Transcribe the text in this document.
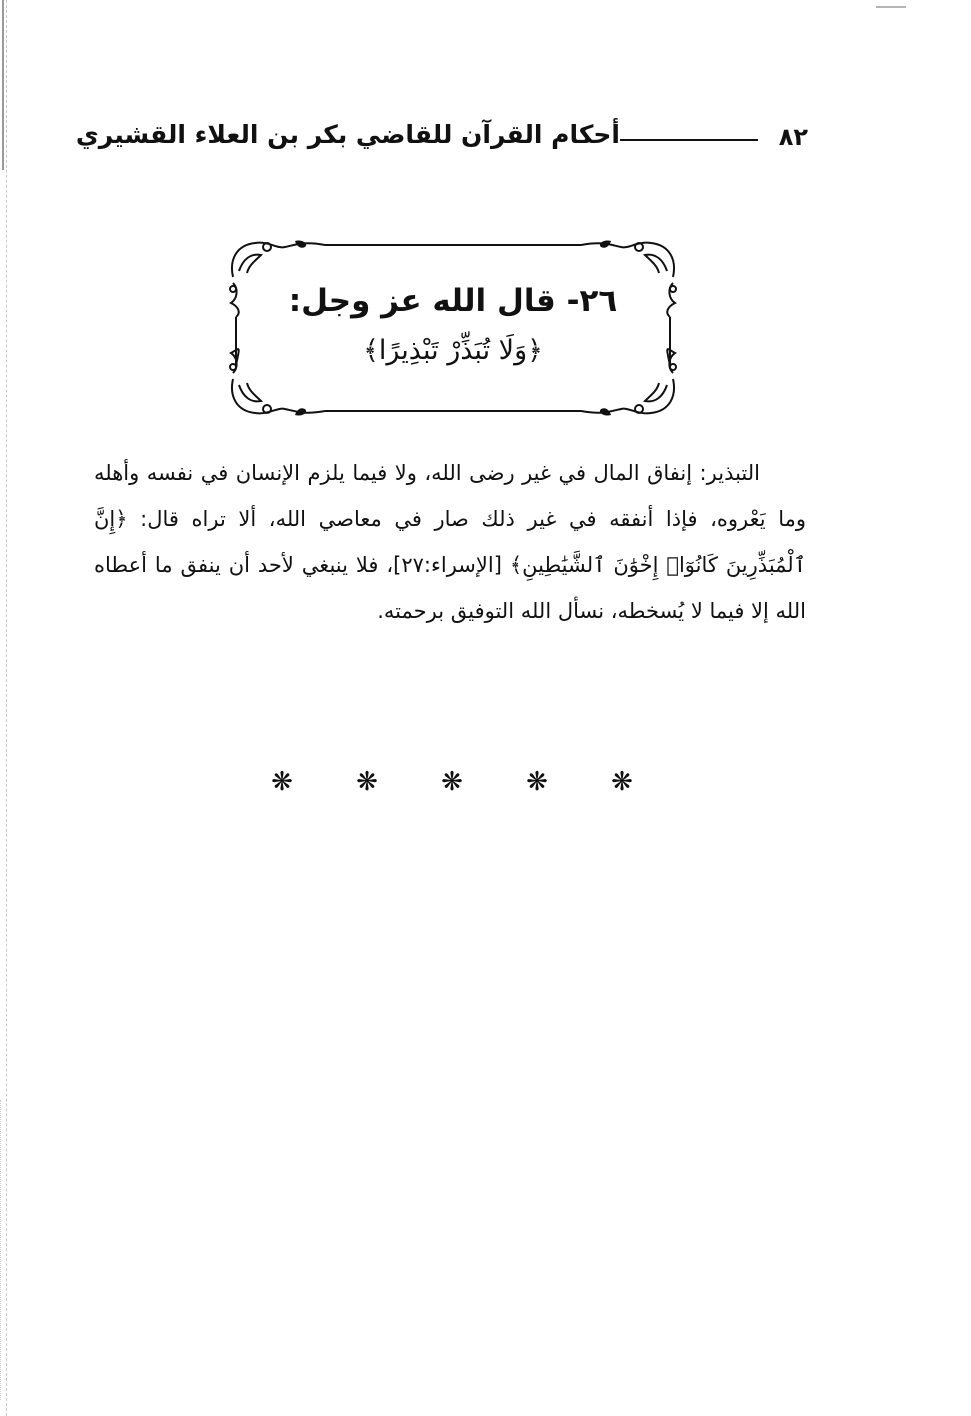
٨٢
أحكام القرآن للقاضي بكر بن العلاء القشيري
٢٦- قال الله عز وجل:
﴿وَلَا تُبَذِّرْ تَبْذِيرًا﴾

التبذير: إنفاق المال في غير رضى الله، ولا فيما يلزم الإنسان في نفسه وأهله وما يَعْروه، فإذا أنفقه في غير ذلك صار في معاصي الله، ألا تراه قال: ﴿إِنَّ ٱلْمُبَذِّرِينَ كَانُوٓا۟ إِخْوَٰنَ ٱلشَّيَٰطِينِ﴾ [الإسراء:٢٧]، فلا ينبغي لأحد أن ينفق ما أعطاه الله إلا فيما لا يُسخطه، نسأل الله التوفيق برحمته.

❋	❋	❋	❋	❋
